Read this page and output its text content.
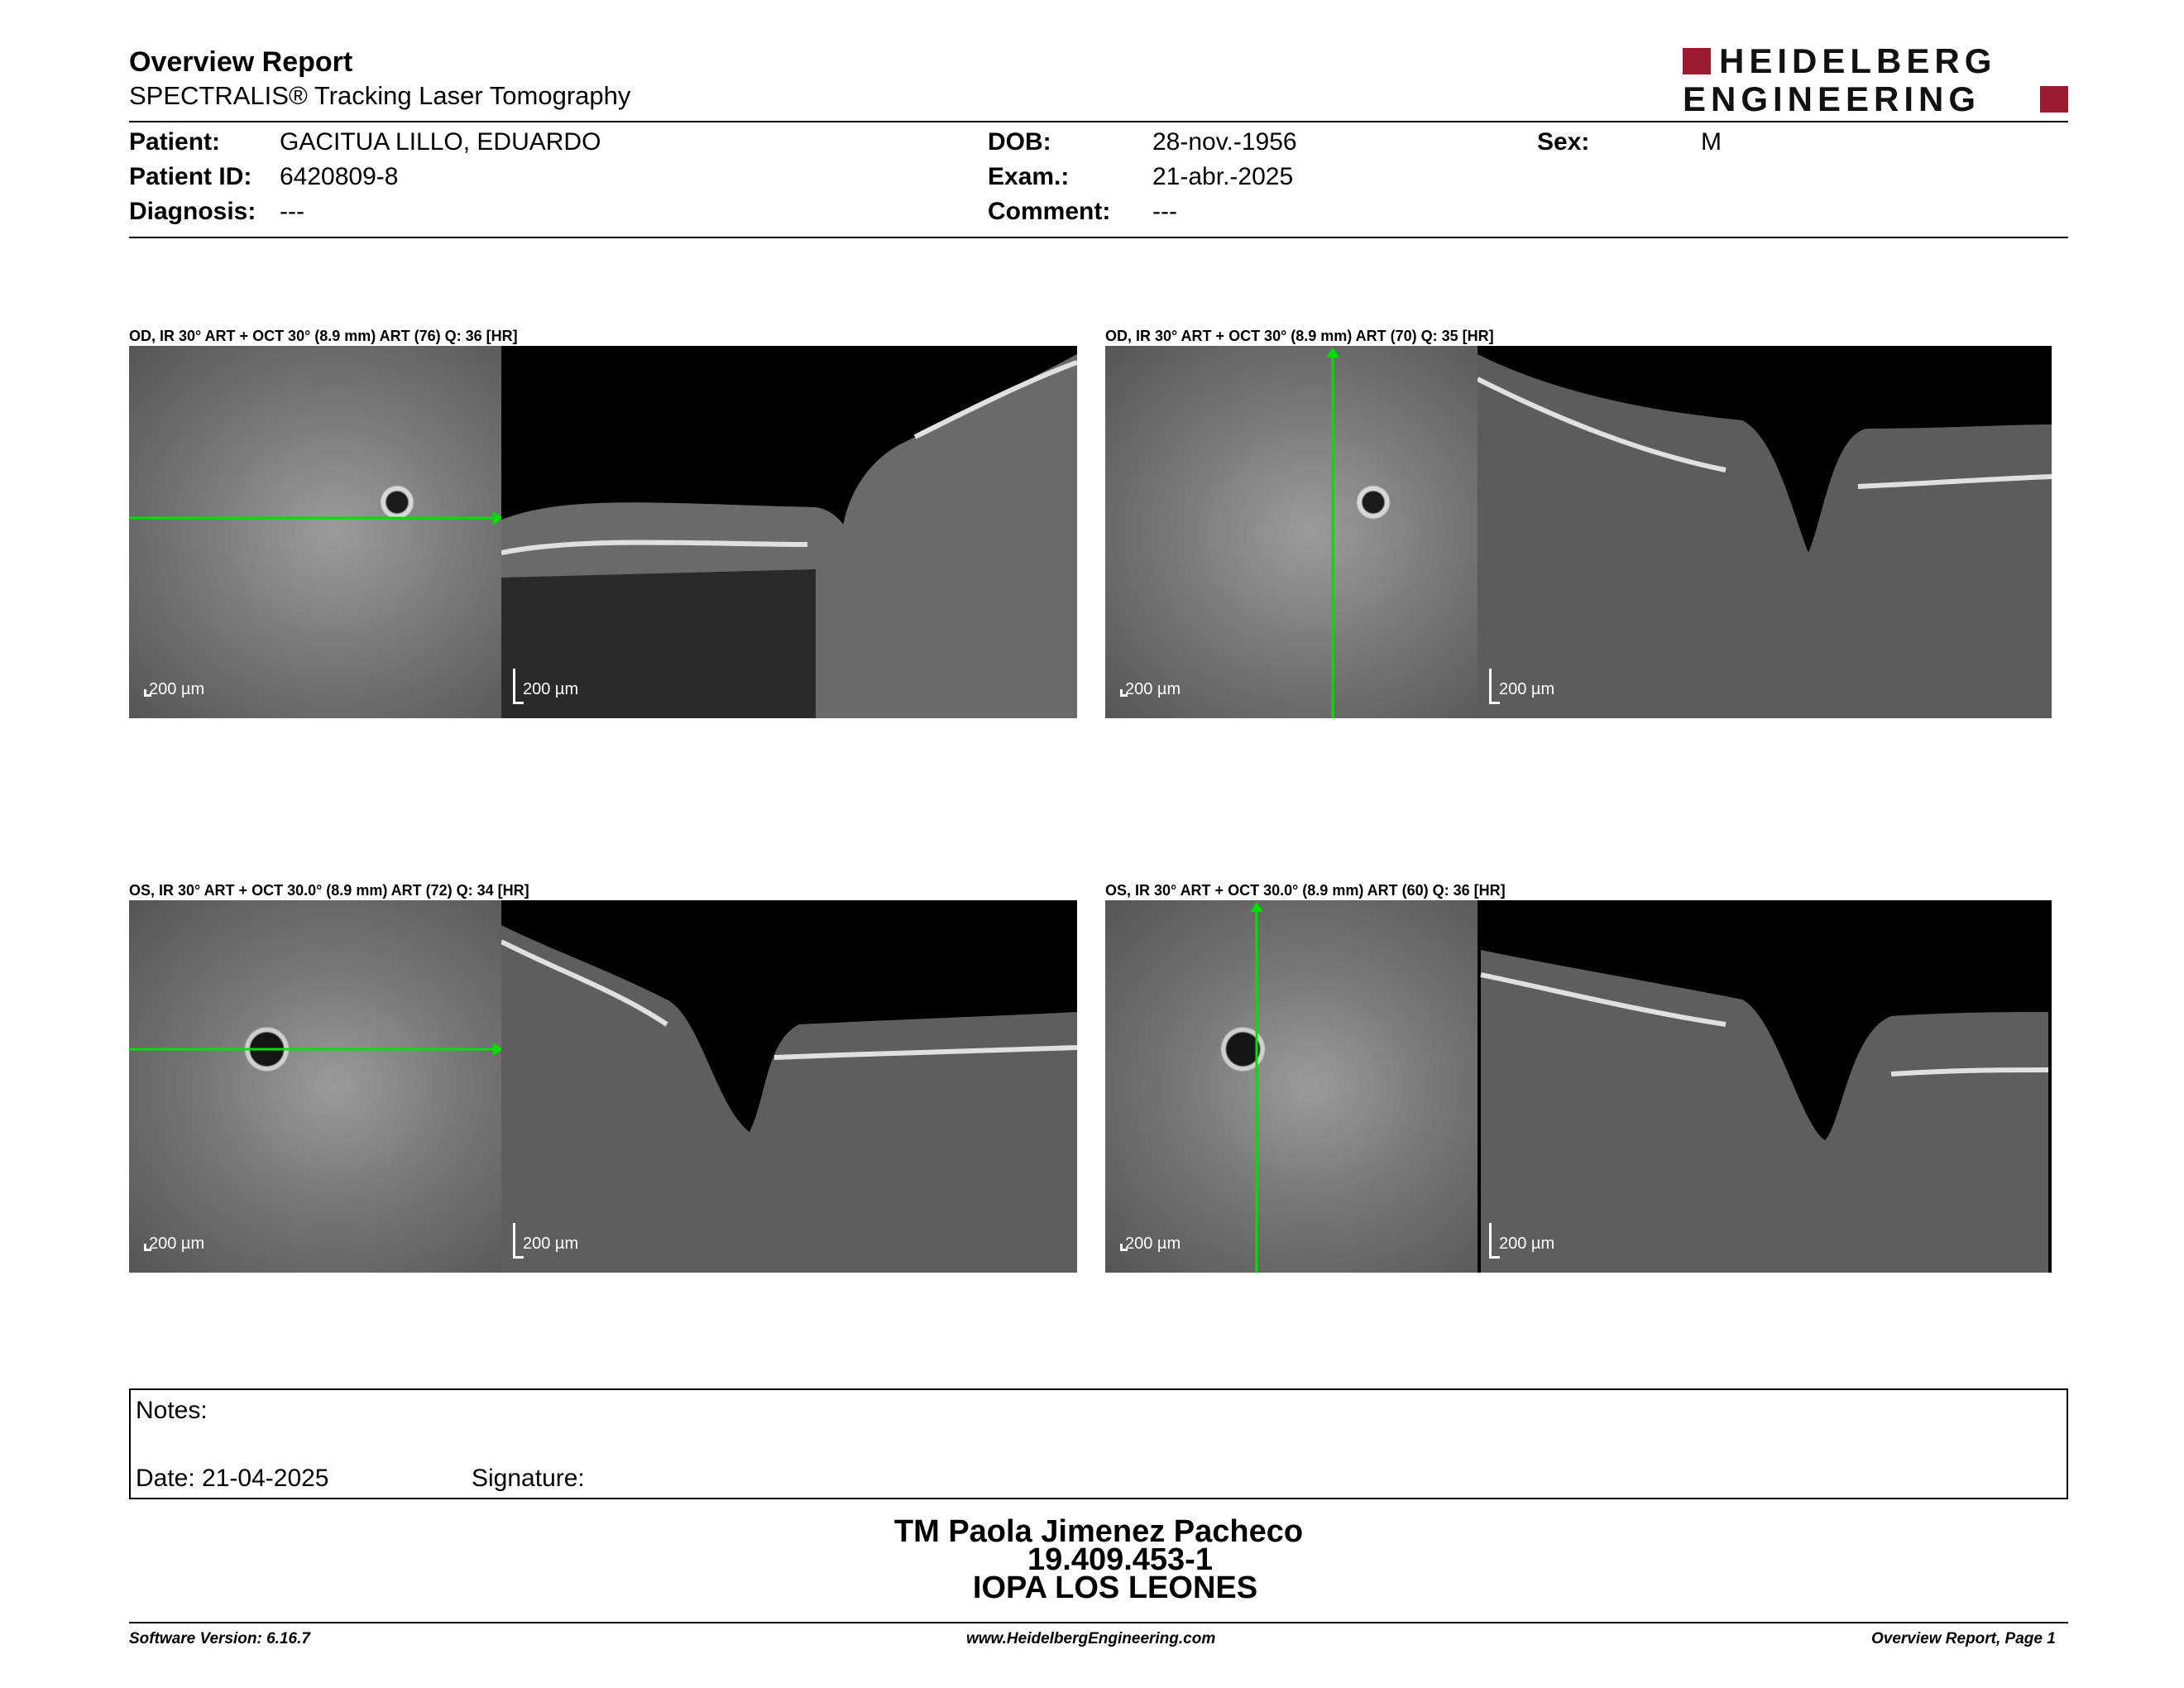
Overview Report
SPECTRALIS® Tracking Laser Tomography
HEIDELBERG
ENGINEERING
Patient: GACITUA LILLO, EDUARDO
Patient ID: 6420809-8
Diagnosis: ---
DOB:	28-nov.-1956
Exam.:	21-abr.-2025
Comment: ---
Sex:	M
OD, IR 30° ART + OCT 30° (8.9 mm) ART (76) Q: 36 [HR]
200 µm	200 µm
OD, IR 30° ART + OCT 30° (8.9 mm) ART (70) Q: 35 [HR]
200 µm	200 µm
OS, IR 30° ART + OCT 30.0° (8.9 mm) ART (72) Q: 34 [HR]
200 µm	200 µm
OS, IR 30° ART + OCT 30.0° (8.9 mm) ART (60) Q: 36 [HR]
200 µm	200 µm
Notes:
Date: 21-04-2025	Signature:
TM Paola Jimenez Pacheco
19.409.453-1
IOPA LOS LEONES
Software Version: 6.16.7	www.HeidelbergEngineering.com	Overview Report, Page 1
